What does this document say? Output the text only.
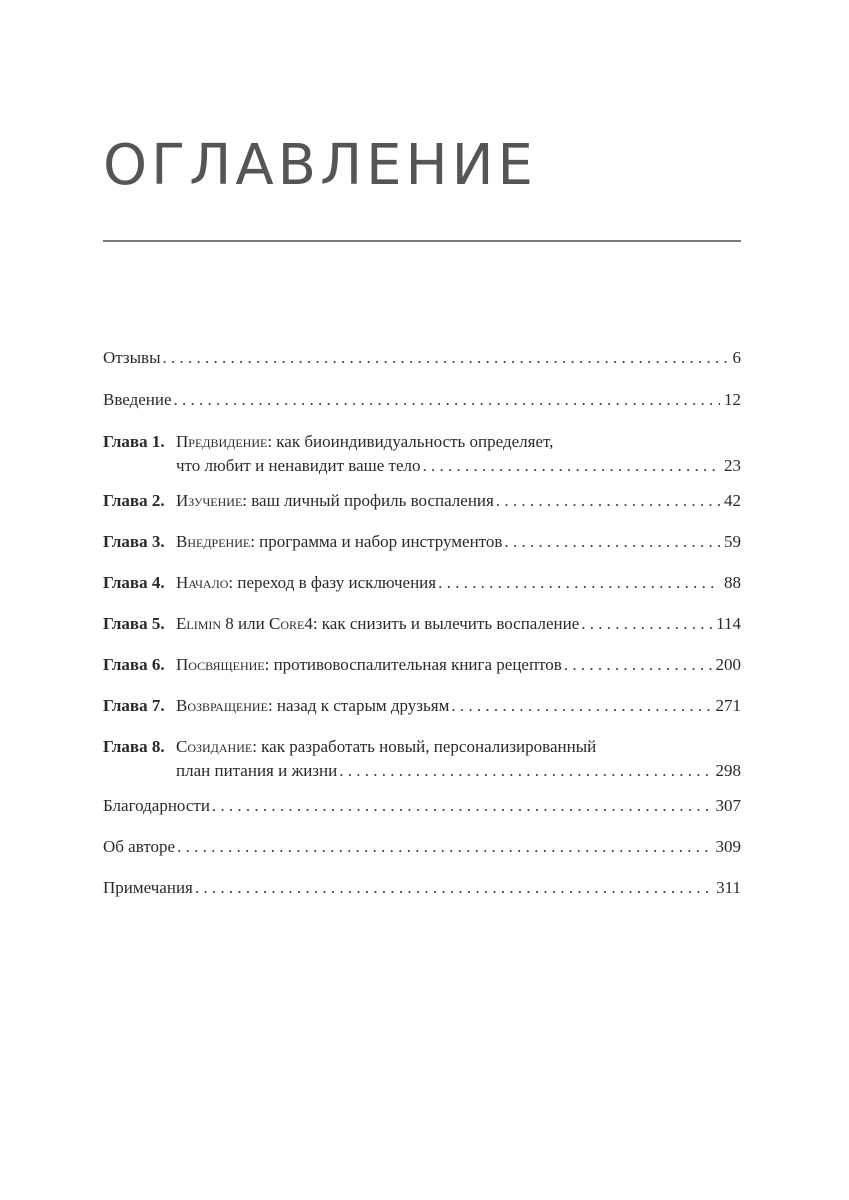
ОГЛАВЛЕНИЕ
Отзывы . . .	6
Введение . . .	12
Глава 1. Предвидение: как биоиндивидуальность определяет,
что любит и ненавидит ваше тело . . .	23
Глава 2. Изучение: ваш личный профиль воспаления . . .	42
Глава 3. Внедрение: программа и набор инструментов . . .	59
Глава 4. Начало: переход в фазу исключения . . .	88
Глава 5. Elimin 8 или Core4: как снизить и вылечить воспаление . . .	114
Глава 6. Посвящение: противовоспалительная книга рецептов . . .	200
Глава 7. Возвращение: назад к старым друзьям . . .	271
Глава 8. Созидание: как разработать новый, персонализированный
план питания и жизни . . .	298
Благодарности . . .	307
Об авторе . . .	309
Примечания . . .	311
